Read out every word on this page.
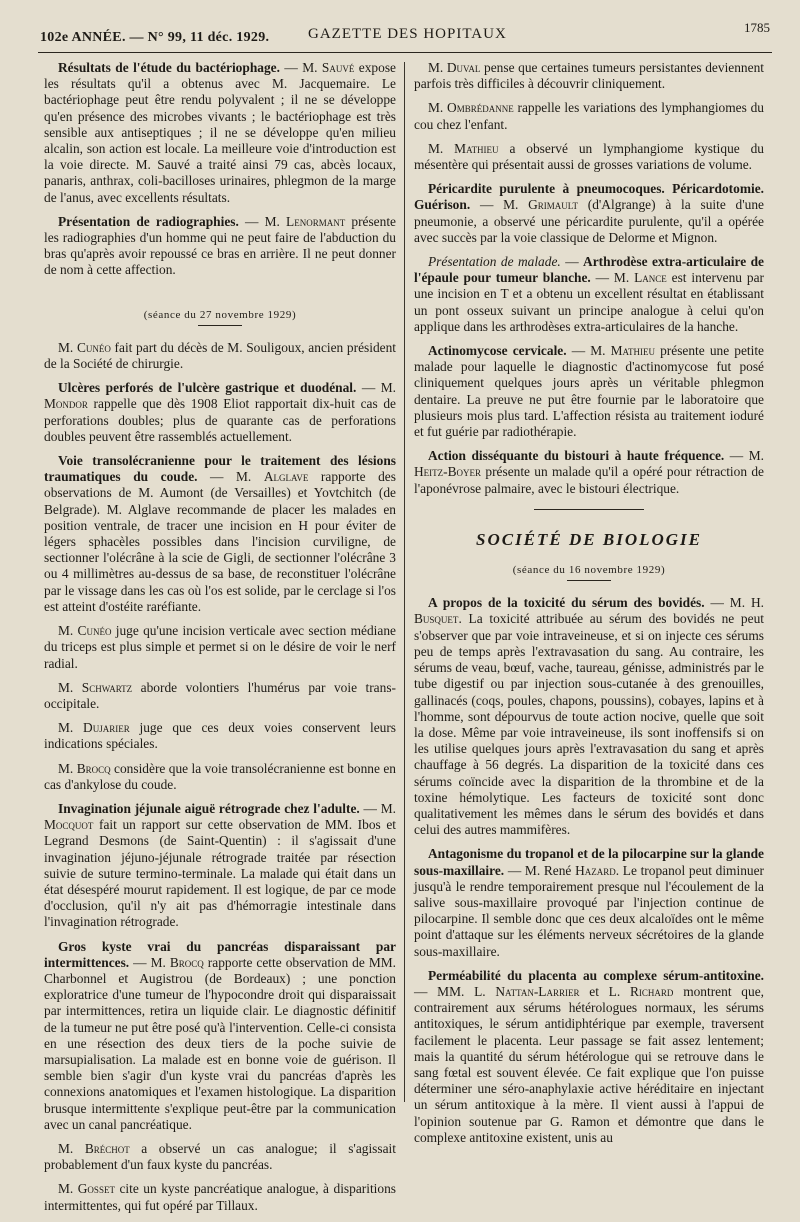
102e ANNÉE. — N° 99, 11 déc. 1929.	GAZETTE DES HOPITAUX	1785

Résultats de l'étude du bactériophage. — M. Sauvé expose les résultats qu'il a obtenus avec M. Jacquemaire. Le bactériophage peut être rendu polyvalent ; il ne se développe qu'en présence des microbes vivants ; le bactériophage est très sensible aux antiseptiques ; il ne se développe qu'en milieu alcalin, son action est locale. La meilleure voie d'introduction est la voie directe. M. Sauvé a traité ainsi 79 cas, abcès locaux, panaris, anthrax, coli-bacilloses urinaires, phlegmon de la marge de l'anus, avec excellents résultats.

Présentation de radiographies. — M. Lenormant présente les radiographies d'un homme qui ne peut faire de l'abduction du bras qu'après avoir repoussé ce bras en arrière. Il ne peut donner de nom à cette affection.

(séance du 27 novembre 1929)

M. Cunéo fait part du décès de M. Souligoux, ancien président de la Société de chirurgie.

Ulcères perforés de l'ulcère gastrique et duodénal. — M. Mondor rappelle que dès 1908 Eliot rapportait dix-huit cas de perforations doubles; plus de quarante cas de perforations doubles peuvent être rassemblés actuellement.

Voie transolécranienne pour le traitement des lésions traumatiques du coude. — M. Alglave rapporte des observations de M. Aumont (de Versailles) et Yovtchitch (de Belgrade). M. Alglave recommande de placer les malades en position ventrale, de tracer une incision en H pour éviter de légers sphacèles possibles dans l'incision curviligne, de sectionner l'olécrâne à la scie de Gigli, de sectionner l'olécrâne 3 ou 4 millimètres au-dessus de sa base, de reconstituer l'olécrâne par le vissage dans les cas où l'os est solide, par le cerclage si l'os est atteint d'ostéite raréfiante.

M. Cunéo juge qu'une incision verticale avec section médiane du triceps est plus simple et permet si on le désire de voir le nerf radial.

M. Schwartz aborde volontiers l'humérus par voie trans-occipitale.

M. Dujarier juge que ces deux voies conservent leurs indications spéciales.

M. Brocq considère que la voie transolécranienne est bonne en cas d'ankylose du coude.

Invagination jéjunale aiguë rétrograde chez l'adulte. — M. Mocquot fait un rapport sur cette observation de MM. Ibos et Legrand Desmons (de Saint-Quentin) : il s'agissait d'une invagination jéjuno-jéjunale rétrograde traitée par résection suivie de suture termino-terminale. La malade qui était dans un état désespéré mourut rapidement. Il est logique, de par ce mode d'occlusion, qu'il n'y ait pas d'hémorragie intestinale dans l'invagination rétrograde.

Gros kyste vrai du pancréas disparaissant par intermittences. — M. Brocq rapporte cette observation de MM. Charbonnel et Augistrou (de Bordeaux) ; une ponction exploratrice d'une tumeur de l'hypocondre droit qui disparaissait par intermittences, retira un liquide clair. Le diagnostic définitif de la tumeur ne put être posé qu'à l'intervention. Celle-ci consista en une résection des deux tiers de la poche suivie de marsupialisation. La malade est en bonne voie de guérison. Il semble bien s'agir d'un kyste vrai du pancréas d'après les connexions anatomiques et l'examen histologique. La disparition brusque intermittente s'explique peut-être par la communication avec un canal pancréatique.

M. Bréchot a observé un cas analogue; il s'agissait probablement d'un faux kyste du pancréas.

M. Gosset cite un kyste pancréatique analogue, à disparitions intermittentes, qui fut opéré par Tillaux.

M. Duval pense que certaines tumeurs persistantes deviennent parfois très difficiles à découvrir cliniquement.

M. Ombrédanne rappelle les variations des lymphangiomes du cou chez l'enfant.

M. Mathieu a observé un lymphangiome kystique du mésentère qui présentait aussi de grosses variations de volume.

Péricardite purulente à pneumocoques. Péricardotomie. Guérison. — M. Grimault (d'Algrange) à la suite d'une pneumonie, a observé une péricardite purulente, qu'il a opérée avec succès par la voie classique de Delorme et Mignon.

Présentation de malade. — Arthrodèse extra-articulaire de l'épaule pour tumeur blanche. — M. Lance est intervenu par une incision en T et a obtenu un excellent résultat en établissant un pont osseux suivant un principe analogue à celui qu'on applique dans les arthrodèses extra-articulaires de la hanche.

Actinomycose cervicale. — M. Mathieu présente une petite malade pour laquelle le diagnostic d'actinomycose fut posé cliniquement quelques jours après un véritable phlegmon dentaire. La preuve ne put être fournie par le laboratoire que plusieurs mois plus tard. L'affection résista au traitement ioduré et fut guérie par radiothérapie.

Action disséquante du bistouri à haute fréquence. — M. Heitz-Boyer présente un malade qu'il a opéré pour rétraction de l'aponévrose palmaire, avec le bistouri électrique.

SOCIÉTÉ DE BIOLOGIE

(séance du 16 novembre 1929)

A propos de la toxicité du sérum des bovidés. — M. H. Busquet. La toxicité attribuée au sérum des bovidés ne peut s'observer que par voie intraveineuse, et si on injecte ces sérums peu de temps après l'extravasation du sang. Au contraire, les sérums de veau, bœuf, vache, taureau, génisse, administrés par le tube digestif ou par injection sous-cutanée à des grenouilles, gallinacés (coqs, poules, chapons, poussins), cobayes, lapins et à l'homme, sont dépourvus de toute action nocive, quelle que soit la dose. Même par voie intraveineuse, ils sont inoffensifs si on les utilise quelques jours après l'extravasation du sang et après chauffage à 56 degrés. La disparition de la toxicité dans ces sérums coïncide avec la disparition de la thrombine et de la toxine hémolytique. Les facteurs de toxicité sont donc qualitativement les mêmes dans le sérum des bovidés et dans celui des autres mammifères.

Antagonisme du tropanol et de la pilocarpine sur la glande sous-maxillaire. — M. René Hazard. Le tropanol peut diminuer jusqu'à le rendre temporairement presque nul l'écoulement de la salive sous-maxillaire provoqué par l'injection continue de pilocarpine. Il semble donc que ces deux alcaloïdes ont le même point d'attaque sur les éléments nerveux sécrétoires de la glande sous-maxillaire.

Perméabilité du placenta au complexe sérum-antitoxine. — MM. L. Nattan-Larrier et L. Richard montrent que, contrairement aux sérums hétérologues normaux, les sérums antitoxiques, le sérum antidiphtérique par exemple, traversent facilement le placenta. Leur passage se fait assez lentement; mais la quantité du sérum hétérologue qui se retrouve dans le sang fœtal est souvent élevée. Ce fait explique que l'on puisse déterminer une séro-anaphylaxie active héréditaire en injectant un sérum antitoxique à la mère. Il vient aussi à l'appui de l'opinion soutenue par G. Ramon et démontre que dans le complexe antitoxine existent, unis au
